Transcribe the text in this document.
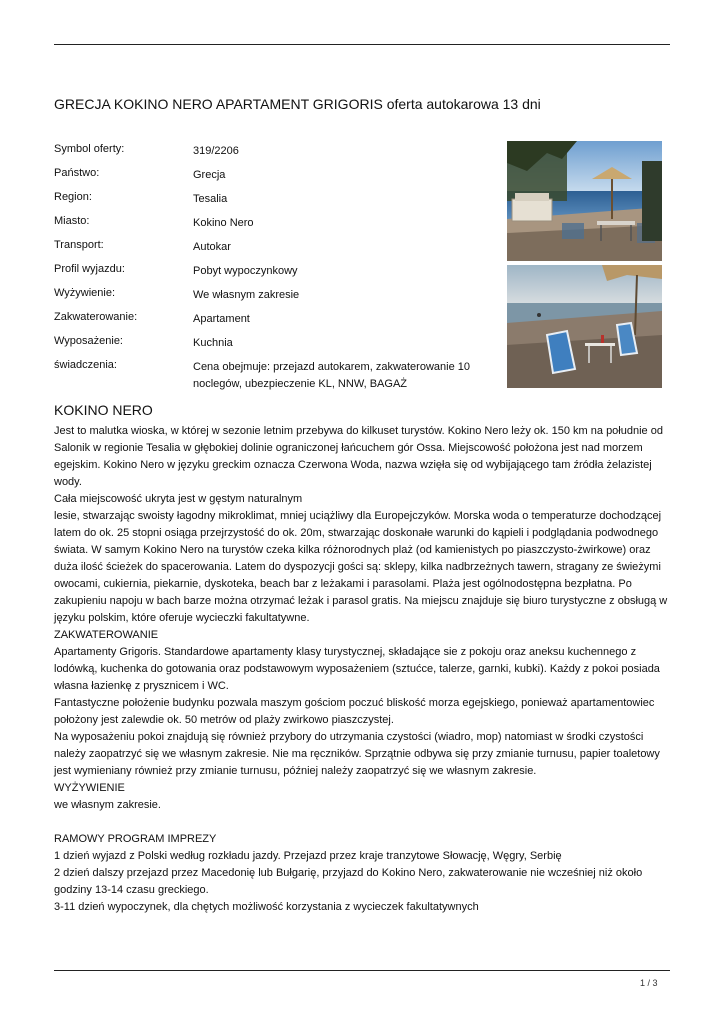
GRECJA KOKINO NERO APARTAMENT GRIGORIS oferta autokarowa 13 dni
Symbol oferty:	319/2206
Państwo:	Grecja
Region:	Tesalia
Miasto:	Kokino Nero
Transport:	Autokar
Profil wyjazdu:	Pobyt wypoczynkowy
Wyżywienie:	We własnym zakresie
Zakwaterowanie:	Apartament
Wyposażenie:	Kuchnia
świadczenia:	Cena obejmuje: przejazd autokarem, zakwaterowanie 10
noclegów, ubezpieczenie KL, NNW, BAGAŻ
KOKINO NERO
Jest to malutka wioska, w której w sezonie letnim przebywa do kilkuset turystów. Kokino Nero leży ok. 150 km na południe od
Salonik w regionie Tesalia w głębokiej dolinie ograniczonej łańcuchem gór Ossa. Miejscowość położona jest nad morzem
egejskim. Kokino Nero w języku greckim oznacza Czerwona Woda, nazwa wzięła się od wybijającego tam źródła żelazistej
wody.
Cała miejscowość ukryta jest w gęstym naturalnym
lesie, stwarzając swoisty łagodny mikroklimat, mniej uciążliwy dla Europejczyków. Morska woda o temperaturze dochodzącej
latem do ok. 25 stopni osiąga przejrzystość do ok. 20m, stwarzając doskonałe warunki do kąpieli i podglądania podwodnego
świata. W samym Kokino Nero na turystów czeka kilka różnorodnych plaż (od kamienistych po piaszczysto-żwirkowe) oraz
duża ilość ścieżek do spacerowania. Latem do dyspozycji gości są: sklepy, kilka nadbrzeżnych tawern, stragany ze świeżymi
owocami, cukiernia, piekarnie, dyskoteka, beach bar z leżakami i parasolami. Plaża jest ogólnodostępna bezpłatna. Po
zakupieniu napoju w bach barze można otrzymać leżak i parasol gratis. Na miejscu znajduje się biuro turystyczne z obsługą w
języku polskim, które oferuje wycieczki fakultatywne.
ZAKWATEROWANIE
Apartamenty Grigoris. Standardowe apartamenty klasy turystycznej, składające sie z pokoju oraz aneksu kuchennego z
lodówką, kuchenka do gotowania oraz podstawowym wyposażeniem (sztućce, talerze, garnki, kubki). Każdy z pokoi posiada
własna łazienkę z prysznicem i WC.
Fantastyczne położenie budynku pozwala maszym gościom poczuć bliskość morza egejskiego, ponieważ apartamentowiec
położony jest zalewdie ok. 50 metrów od plaży zwirkowo piaszczystej.
Na wyposażeniu pokoi znajdują się również przybory do utrzymania czystości (wiadro, mop) natomiast w środki czystości
należy zaopatrzyć się we własnym zakresie. Nie ma ręczników. Sprzątnie odbywa się przy zmianie turnusu, papier toaletowy
jest wymieniany również przy zmianie turnusu, później należy zaopatrzyć się we własnym zakresie.
WYŻYWIENIE
we własnym zakresie.

RAMOWY PROGRAM IMPREZY
1 dzień wyjazd z Polski według rozkładu jazdy. Przejazd przez kraje tranzytowe Słowację, Węgry, Serbię
2 dzień dalszy przejazd przez Macedonię lub Bułgarię, przyjazd do Kokino Nero, zakwaterowanie nie wcześniej niż około
godziny 13-14 czasu greckiego.
3-11 dzień wypoczynek, dla chętych możliwość korzystania z wycieczek fakultatywnych
1 / 3
